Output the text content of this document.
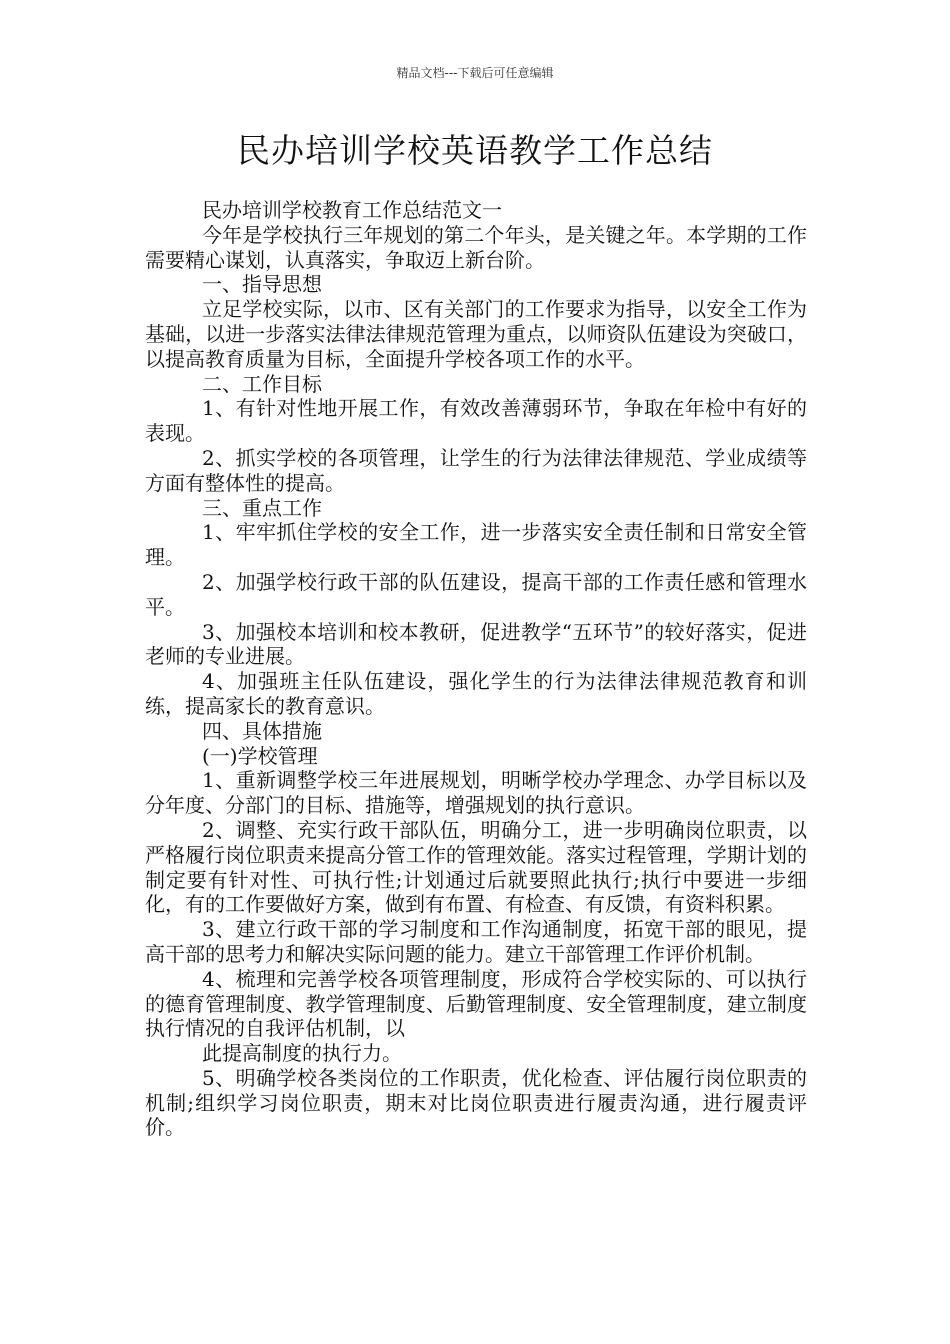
精品文档---下载后可任意编辑
民办培训学校英语教学工作总结

民办培训学校教育工作总结范文一

今年是学校执行三年规划的第二个年头，是关键之年。本学期的工作需要精心谋划，认真落实，争取迈上新台阶。

一、指导思想

立足学校实际，以市、区有关部门的工作要求为指导，以安全工作为基础，以进一步落实法律法律规范管理为重点，以师资队伍建设为突破口，以提高教育质量为目标，全面提升学校各项工作的水平。

二、工作目标

1、有针对性地开展工作，有效改善薄弱环节，争取在年检中有好的表现。

2、抓实学校的各项管理，让学生的行为法律法律规范、学业成绩等方面有整体性的提高。

三、重点工作

1、牢牢抓住学校的安全工作，进一步落实安全责任制和日常安全管理。

2、加强学校行政干部的队伍建设，提高干部的工作责任感和管理水平。

3、加强校本培训和校本教研，促进教学“五环节”的较好落实，促进老师的专业进展。

4、加强班主任队伍建设，强化学生的行为法律法律规范教育和训练，提高家长的教育意识。

四、具体措施

(一)学校管理

1、重新调整学校三年进展规划，明晰学校办学理念、办学目标以及分年度、分部门的目标、措施等，增强规划的执行意识。

2、调整、充实行政干部队伍，明确分工，进一步明确岗位职责，以严格履行岗位职责来提高分管工作的管理效能。落实过程管理，学期计划的制定要有针对性、可执行性;计划通过后就要照此执行;执行中要进一步细化，有的工作要做好方案，做到有布置、有检查、有反馈，有资料积累。

3、建立行政干部的学习制度和工作沟通制度，拓宽干部的眼见，提高干部的思考力和解决实际问题的能力。建立干部管理工作评价机制。

4、梳理和完善学校各项管理制度，形成符合学校实际的、可以执行的德育管理制度、教学管理制度、后勤管理制度、安全管理制度，建立制度执行情况的自我评估机制，以

此提高制度的执行力。

5、明确学校各类岗位的工作职责，优化检查、评估履行岗位职责的机制;组织学习岗位职责，期末对比岗位职责进行履责沟通，进行履责评价。
